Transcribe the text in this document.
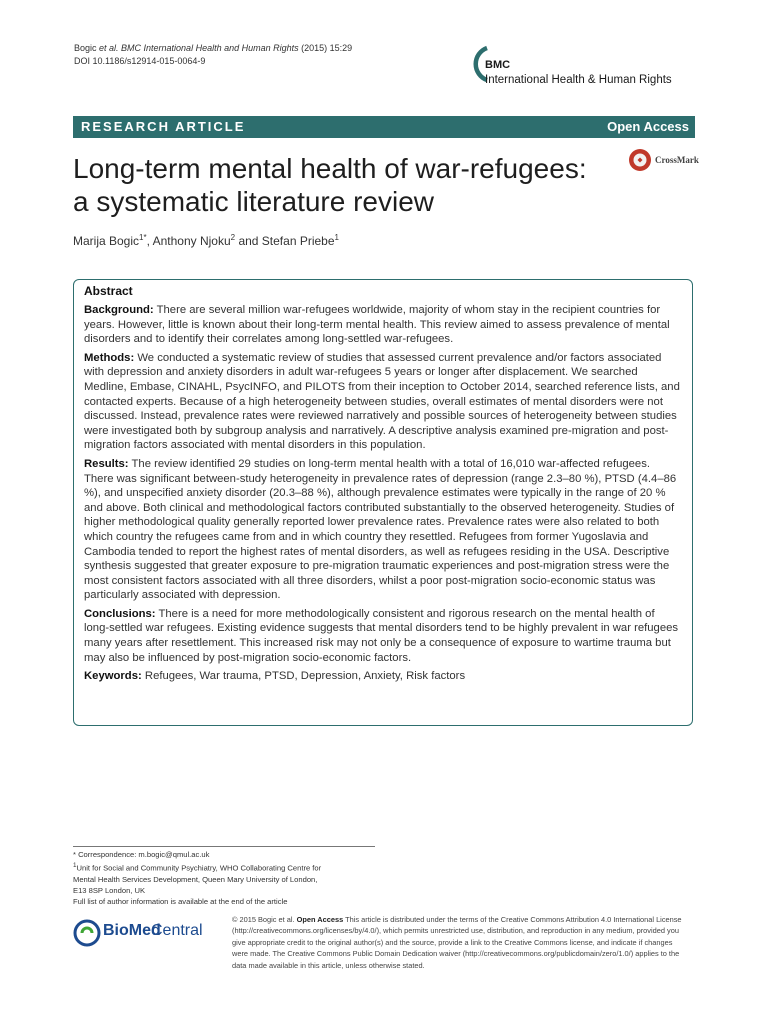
Bogic et al. BMC International Health and Human Rights (2015) 15:29
DOI 10.1186/s12914-015-0064-9	BMC
International Health & Human Rights
RESEARCH ARTICLE	Open Access
Long-term mental health of war-refugees:
a systematic literature review
CrossMark
Marija Bogic$^{1*}$, Anthony Njoku$^2$ and Stefan Priebe$^1$
Abstract

Background: There are several million war-refugees worldwide, majority of whom stay in the recipient countries for years. However, little is known about their long-term mental health. This review aimed to assess prevalence of mental disorders and to identify their correlates among long-settled war-refugees.

Methods: We conducted a systematic review of studies that assessed current prevalence and/or factors associated with depression and anxiety disorders in adult war-refugees 5 years or longer after displacement. We searched Medline, Embase, CINAHL, PsycINFO, and PILOTS from their inception to October 2014, searched reference lists, and contacted experts. Because of a high heterogeneity between studies, overall estimates of mental disorders were not discussed. Instead, prevalence rates were reviewed narratively and possible sources of heterogeneity between studies were investigated both by subgroup analysis and narratively. A descriptive analysis examined pre-migration and post-migration factors associated with mental disorders in this population.

Results: The review identified 29 studies on long-term mental health with a total of 16,010 war-affected refugees. There was significant between-study heterogeneity in prevalence rates of depression (range 2.3–80 %), PTSD (4.4–86 %), and unspecified anxiety disorder (20.3–88 %), although prevalence estimates were typically in the range of 20 % and above. Both clinical and methodological factors contributed substantially to the observed heterogeneity. Studies of higher methodological quality generally reported lower prevalence rates. Prevalence rates were also related to both which country the refugees came from and in which country they resettled. Refugees from former Yugoslavia and Cambodia tended to report the highest rates of mental disorders, as well as refugees residing in the USA. Descriptive synthesis suggested that greater exposure to pre-migration traumatic experiences and post-migration stress were the most consistent factors associated with all three disorders, whilst a poor post-migration socio-economic status was particularly associated with depression.

Conclusions: There is a need for more methodologically consistent and rigorous research on the mental health of long-settled war refugees. Existing evidence suggests that mental disorders tend to be highly prevalent in war refugees many years after resettlement. This increased risk may not only be a consequence of exposure to wartime trauma but may also be influenced by post-migration socio-economic factors.

Keywords: Refugees, War trauma, PTSD, Depression, Anxiety, Risk factors

* Correspondence: m.bogic@qmul.ac.uk
$^1$Unit for Social and Community Psychiatry, WHO Collaborating Centre for
Mental Health Services Development, Queen Mary University of London,
E13 8SP London, UK
Full list of author information is available at the end of the article
BioMed
Central
© 2015 Bogic et al. Open Access This article is distributed under the terms of the Creative Commons Attribution 4.0 International License (http://creativecommons.org/licenses/by/4.0/), which permits unrestricted use, distribution, and reproduction in any medium, provided you give appropriate credit to the original author(s) and the source, provide a link to the Creative Commons license, and indicate if changes were made. The Creative Commons Public Domain Dedication waiver (http://creativecommons.org/publicdomain/zero/1.0/) applies to the data made available in this article, unless otherwise stated.
